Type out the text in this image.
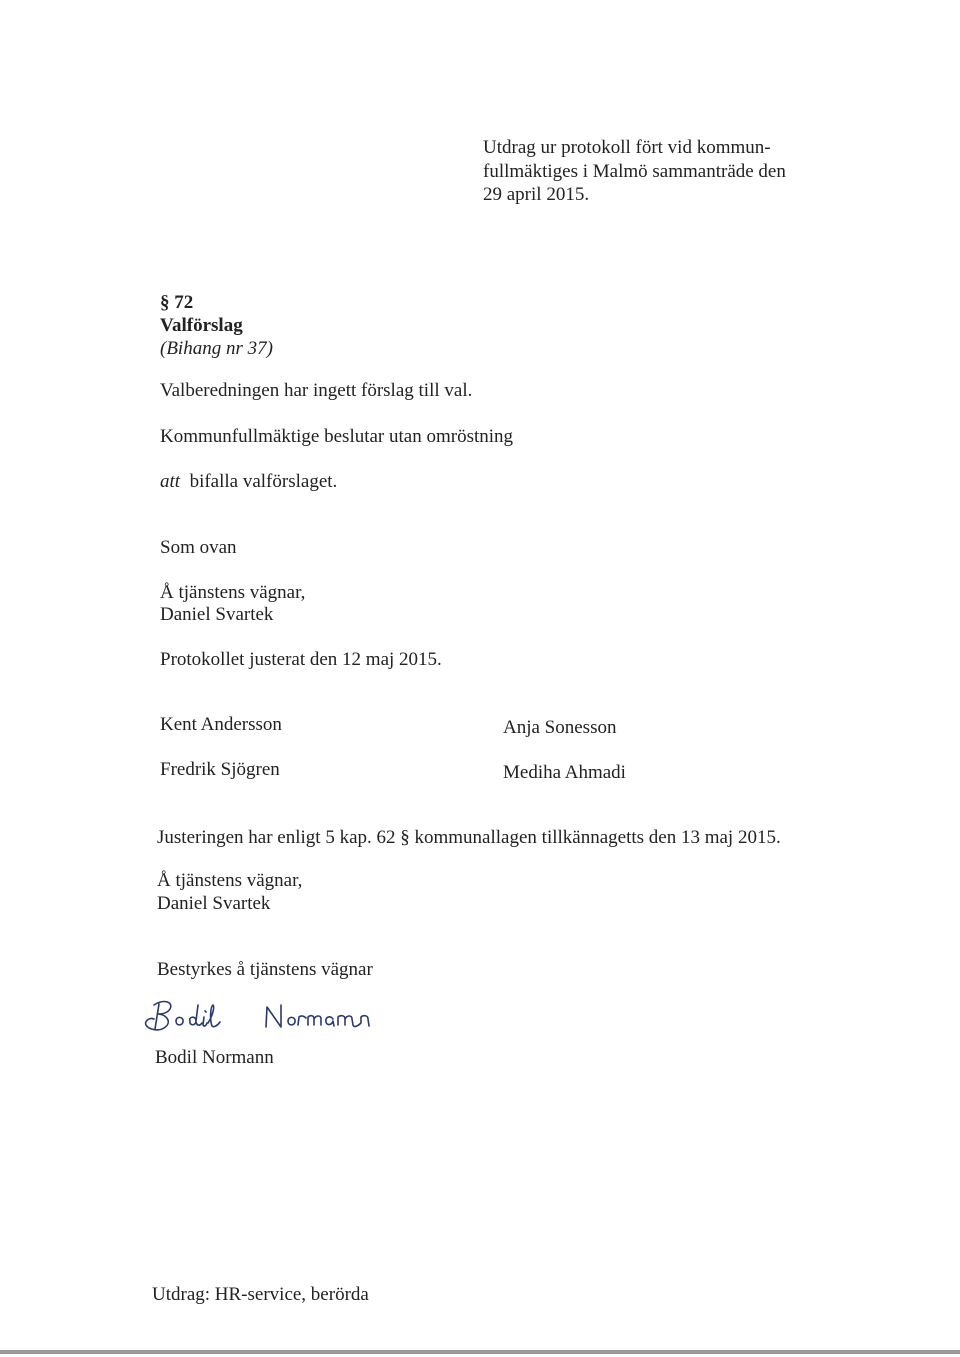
Utdrag ur protokoll fört vid kommun-
fullmäktiges i Malmö sammanträde den
29 april 2015.
§ 72
Valförslag
(Bihang nr 37)

Valberedningen har ingett förslag till val.

Kommunfullmäktige beslutar utan omröstning

att bifalla valförslaget.

Som ovan

Å tjänstens vägnar,

Daniel Svartek

Protokollet justerat den 12 maj 2015.

Kent Andersson

Fredrik Sjögren

Anja Sonesson

Mediha Ahmadi

Justeringen har enligt 5 kap. 62 § kommunallagen tillkännagetts den 13 maj 2015.

Å tjänstens vägnar,

Daniel Svartek

Bestyrkes å tjänstens vägnar

Bodil Normann

Utdrag: HR-service, berörda
